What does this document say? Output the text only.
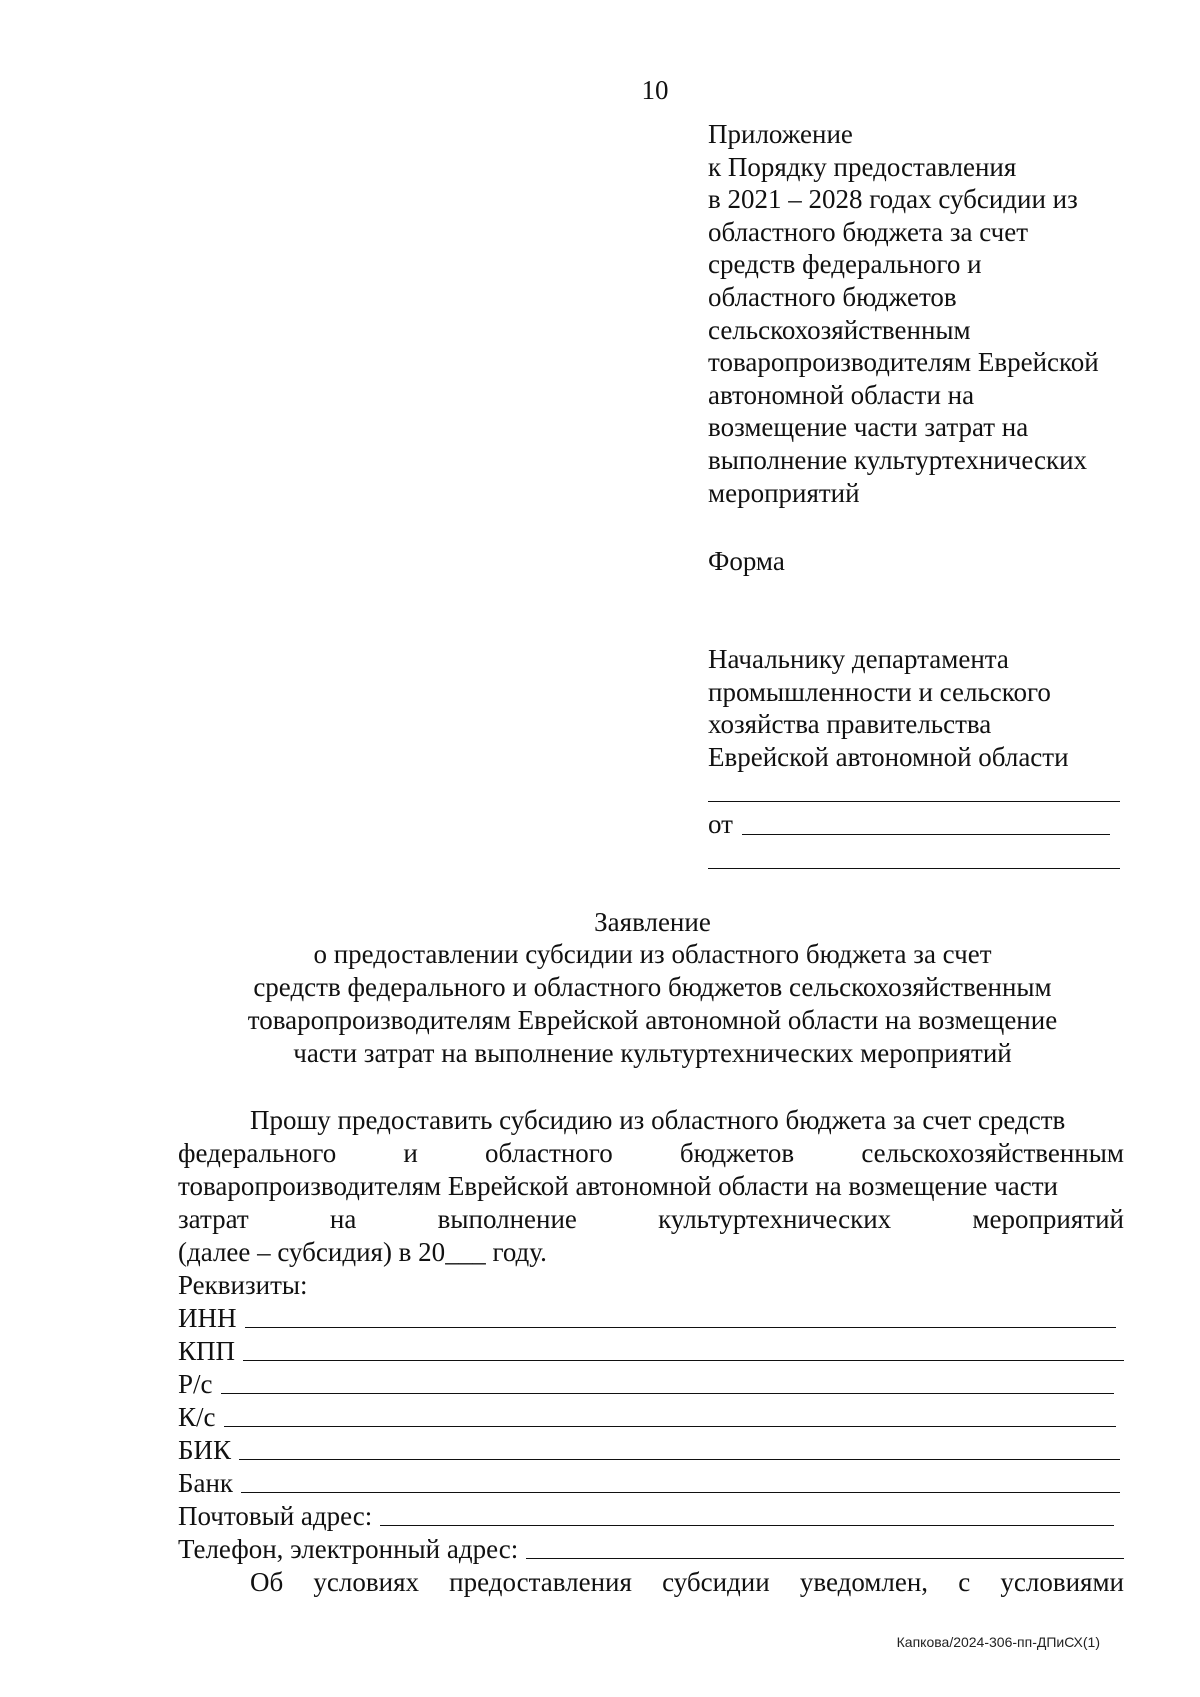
10
Приложение
к Порядку предоставления
в 2021 – 2028 годах субсидии из
областного бюджета за счет
средств федерального и
областного бюджетов
сельскохозяйственным
товаропроизводителям Еврейской
автономной области на
возмещение части затрат на
выполнение культуртехнических
мероприятий
Форма
Начальнику департамента
промышленности и сельского
хозяйства правительства
Еврейской автономной области
от
Заявление
о предоставлении субсидии из областного бюджета за счет
средств федерального и областного бюджетов сельскохозяйственным
товаропроизводителям Еврейской автономной области на возмещение
части затрат на выполнение культуртехнических мероприятий
Прошу предоставить субсидию из областного бюджета за счет средств
федерального и областного бюджетов сельскохозяйственным
товаропроизводителям Еврейской автономной области на возмещение части
затрат	на	выполнение	культуртехнических	мероприятий
(далее – субсидия) в 20___ году.
Реквизиты:
ИНН
КПП
Р/с
К/с
БИК
Банк
Почтовый адрес:
Телефон, электронный адрес:
Об условиях предоставления субсидии уведомлен, с условиями
Капкова/2024-306-пп-ДПиСХ(1)
